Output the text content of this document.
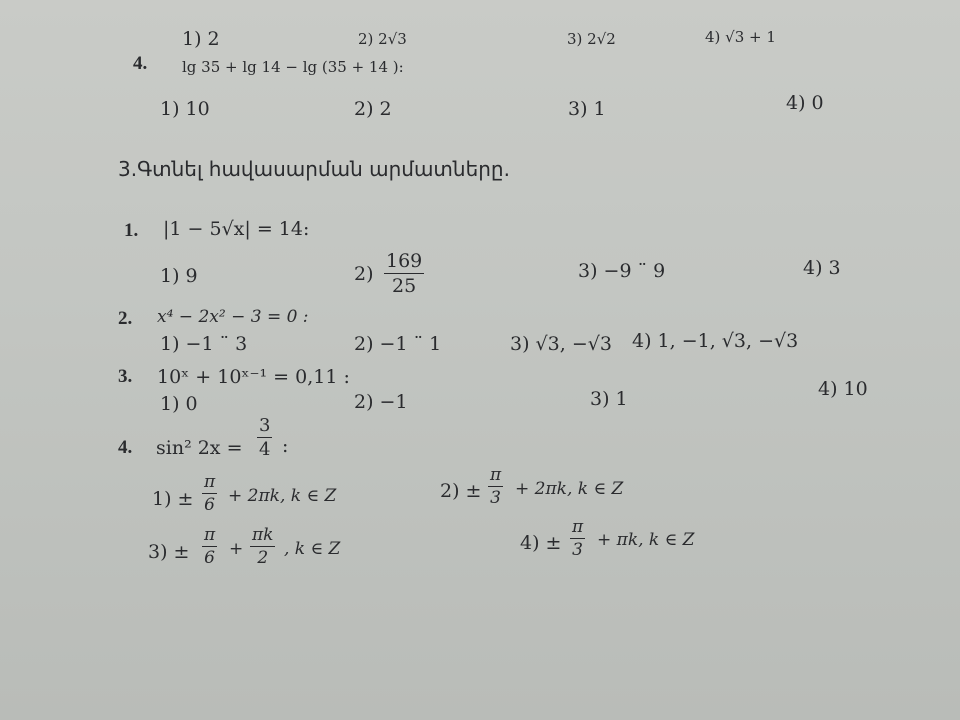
1) 2	2) 2√3	3) 2√2	4) √3 + 1
4. lg 35 + lg 14 − lg (35 + 14 ):
1) 10	2) 2	3) 1	4) 0
3.Գտնել հավասարման արմատները.
1. |1 − 5√x| = 14:
1) 9	$2) \frac{169}{25}$	3) −9 ¨ 9	4) 3
2. x⁴ − 2x² − 3 = 0 :
1) −1 ¨ 3	2) −1 ¨ 1	3) √3, −√3 4) 1, −1, √3, −√3
3. 10ˣ + 10ˣ⁻¹ = 0,11 :
1) 0	2) −1	3) 1	4) 10
4. sin² $2x = \frac{3}{4}$ :
$1) \pm \frac{\pi}{6} + 2\pi k$, k ∈ Z	$2) \pm \frac{\pi}{3} + 2\pi k$, k ∈ Z
$3) \pm \frac{\pi}{6} + \frac{\pi k}{2}$ , k ∈ Z	$4) \pm \frac{\pi}{3} + \pi k$, k ∈ Z
